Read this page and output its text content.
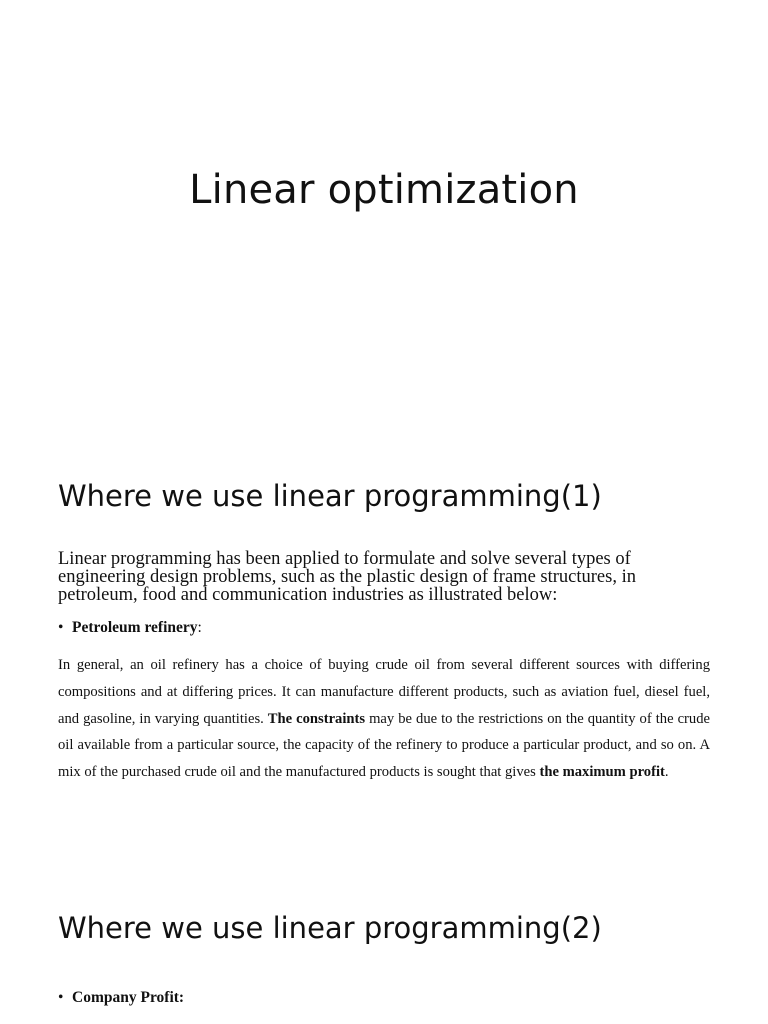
Linear optimization
Where we use linear programming(1)

Linear programming has been applied to formulate and solve several types of engineering design problems, such as the plastic design of frame structures, in petroleum, food and communication industries as illustrated below:

• Petroleum refinery:

In general, an oil refinery has a choice of buying crude oil from several different sources with differing compositions and at differing prices. It can manufacture different products, such as aviation fuel, diesel fuel, and gasoline, in varying quantities. The constraints may be due to the restrictions on the quantity of the crude oil available from a particular source, the capacity of the refinery to produce a particular product, and so on. A mix of the purchased crude oil and the manufactured products is sought that gives the maximum profit.

Where we use linear programming(2)

• Company Profit:
